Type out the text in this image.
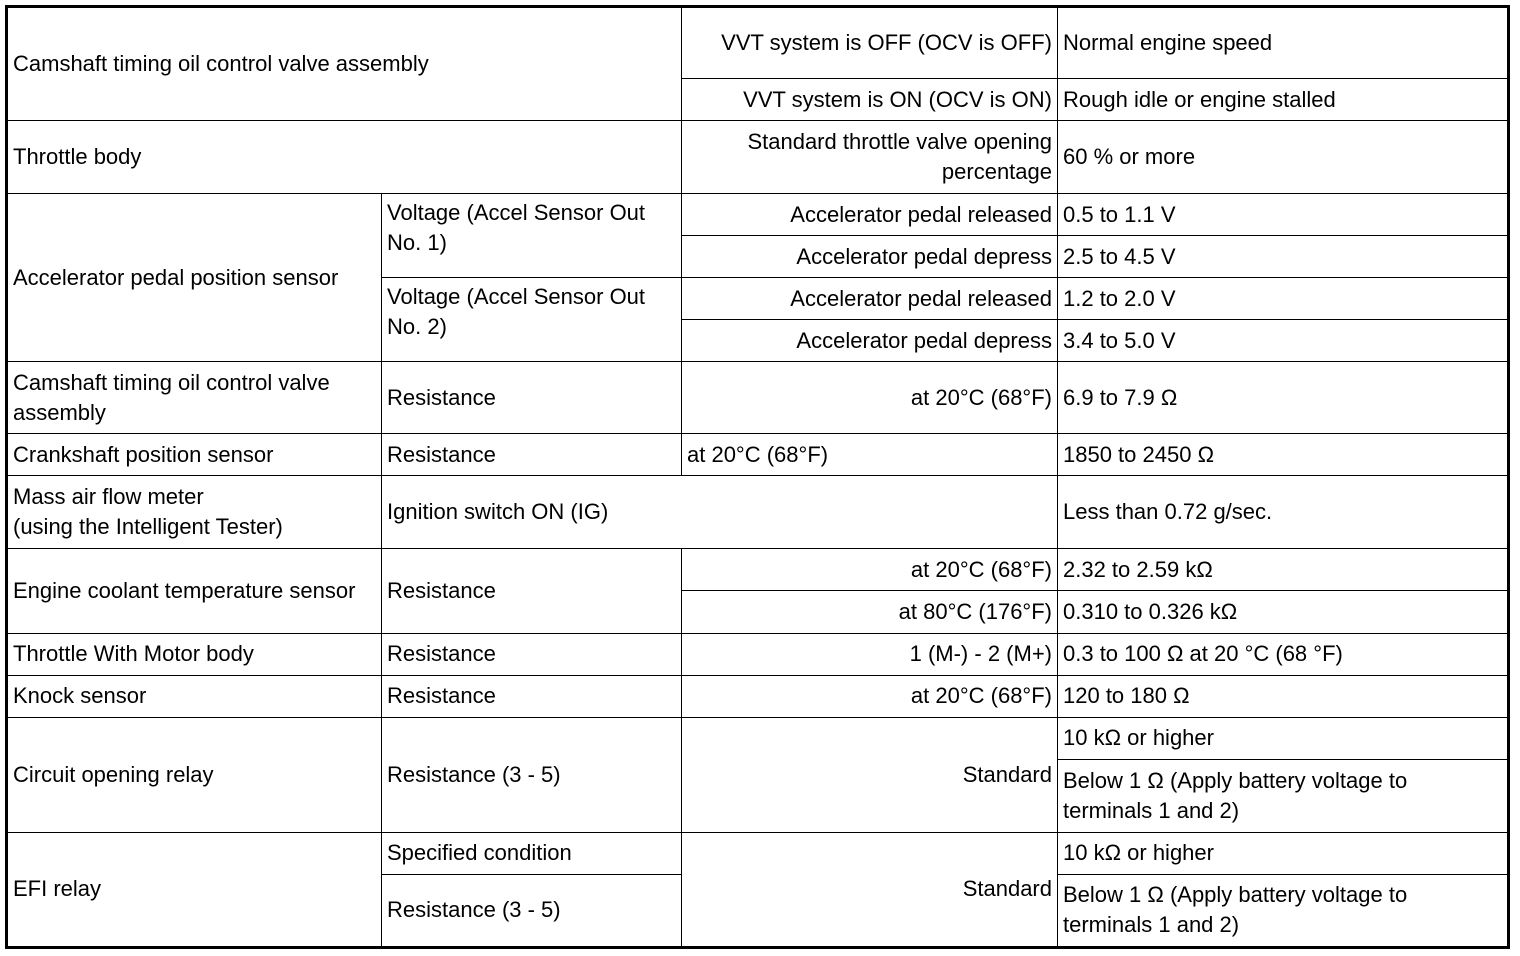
Camshaft timing oil control valve assembly		VVT system is OFF (OCV is OFF)	Normal engine speed
		VVT system is ON (OCV is ON)	Rough idle or engine stalled
Throttle body		Standard throttle valve opening percentage	60 % or more
Accelerator pedal position sensor	Voltage (Accel Sensor Out No. 1)	Accelerator pedal released	0.5 to 1.1 V
		Accelerator pedal depress	2.5 to 4.5 V
	Voltage (Accel Sensor Out No. 2)	Accelerator pedal released	1.2 to 2.0 V
		Accelerator pedal depress	3.4 to 5.0 V
Camshaft timing oil control valve assembly	Resistance	at 20°C (68°F)	6.9 to 7.9 Ω
Crankshaft position sensor	Resistance	at 20°C (68°F)	1850 to 2450 Ω

Mass air flow meter
(using the Intelligent Tester)	Ignition switch ON (IG)		Less than 0.72 g/sec.
Engine coolant temperature sensor	Resistance	at 20°C (68°F)	2.32 to 2.59 kΩ
		at 80°C (176°F)	0.310 to 0.326 kΩ
Throttle With Motor body	Resistance	1 (M-) - 2 (M+)	0.3 to 100 Ω at 20 °C (68 °F)
Knock sensor	Resistance	at 20°C (68°F)	120 to 180 Ω
Circuit opening relay	Resistance (3 - 5)	Standard	10 kΩ or higher
			Below 1 Ω (Apply battery voltage to terminals 1 and 2)
EFI relay	Specified condition	Standard	10 kΩ or higher
	Resistance (3 - 5)		Below 1 Ω (Apply battery voltage to terminals 1 and 2)
